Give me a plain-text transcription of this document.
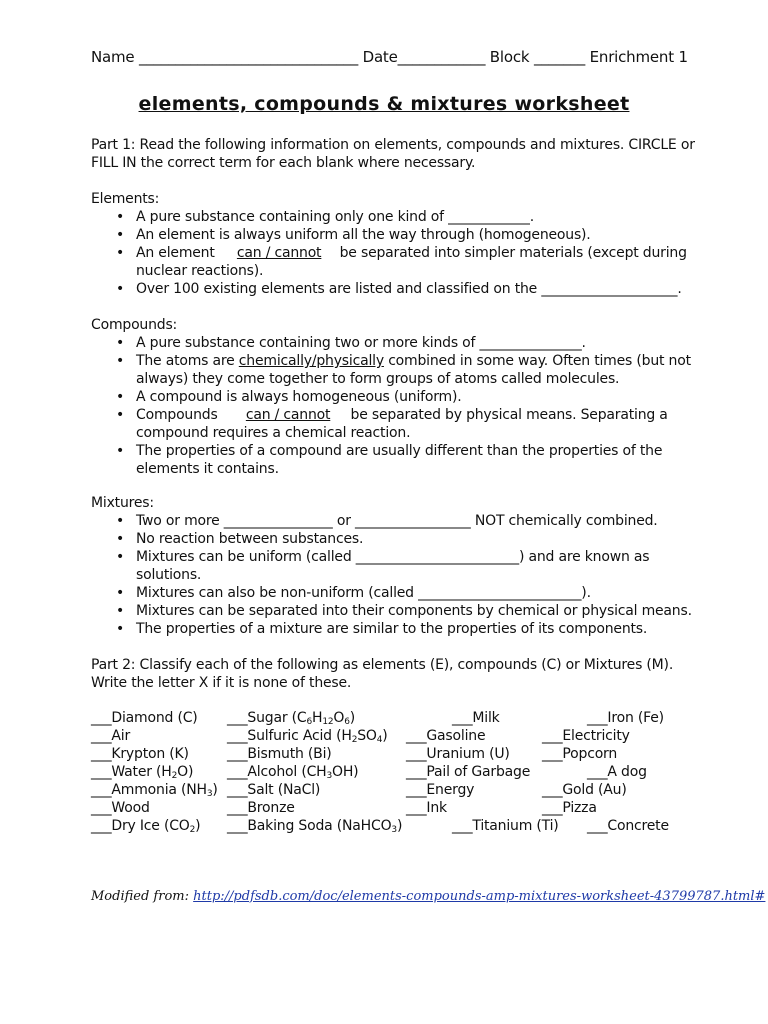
Name ______________________________ Date____________ Block _______ Enrichment 1
elements, compounds & mixtures worksheet
Part 1: Read the following information on elements, compounds and mixtures. CIRCLE or
FILL IN the correct term for each blank where necessary.
Elements:
• A pure substance containing only one kind of ____________.
• An element is always uniform all the way through (homogeneous).
• An element can / cannot be separated into simpler materials (except during
nuclear reactions).
• Over 100 existing elements are listed and classified on the ____________________.
Compounds:
• A pure substance containing two or more kinds of _______________.
• The atoms are chemically/physically combined in some way. Often times (but not
always) they come together to form groups of atoms called molecules.
• A compound is always homogeneous (uniform).
• Compounds can / cannot be separated by physical means. Separating a
compound requires a chemical reaction.
• The properties of a compound are usually different than the properties of the
elements it contains.
Mixtures:
• Two or more ________________ or _________________ NOT chemically combined.
• No reaction between substances.
• Mixtures can be uniform (called ________________________) and are known as
solutions.
• Mixtures can also be non-uniform (called ________________________).
• Mixtures can be separated into their components by chemical or physical means.
• The properties of a mixture are similar to the properties of its components.
Part 2: Classify each of the following as elements (E), compounds (C) or Mixtures (M).
Write the letter X if it is none of these.
___Diamond (C) ___Sugar $(C_6H_{12}O_6)$	___Milk	___Iron (Fe)
___Air	___Sulfuric Acid $(H_2SO_4)$ ___Gasoline	___Electricity
___Krypton (K)	___Bismuth (Bi)	___Uranium (U) ___Popcorn
___Water $(H_2O)$ ___Alcohol $(CH_3OH)$	___Pail of Garbage	___A dog
___Ammonia $(NH_3)$ ___Salt (NaCl)	___Energy	___Gold (Au)
___Wood	___Bronze	___Ink	___Pizza
___Dry Ice $(CO_2)$ ___Baking Soda (NaHCO$_3$)	___Titanium (Ti) ___Concrete
Modified from: http://pdfsdb.com/doc/elements-compounds-amp-mixtures-worksheet-43799787.html#
